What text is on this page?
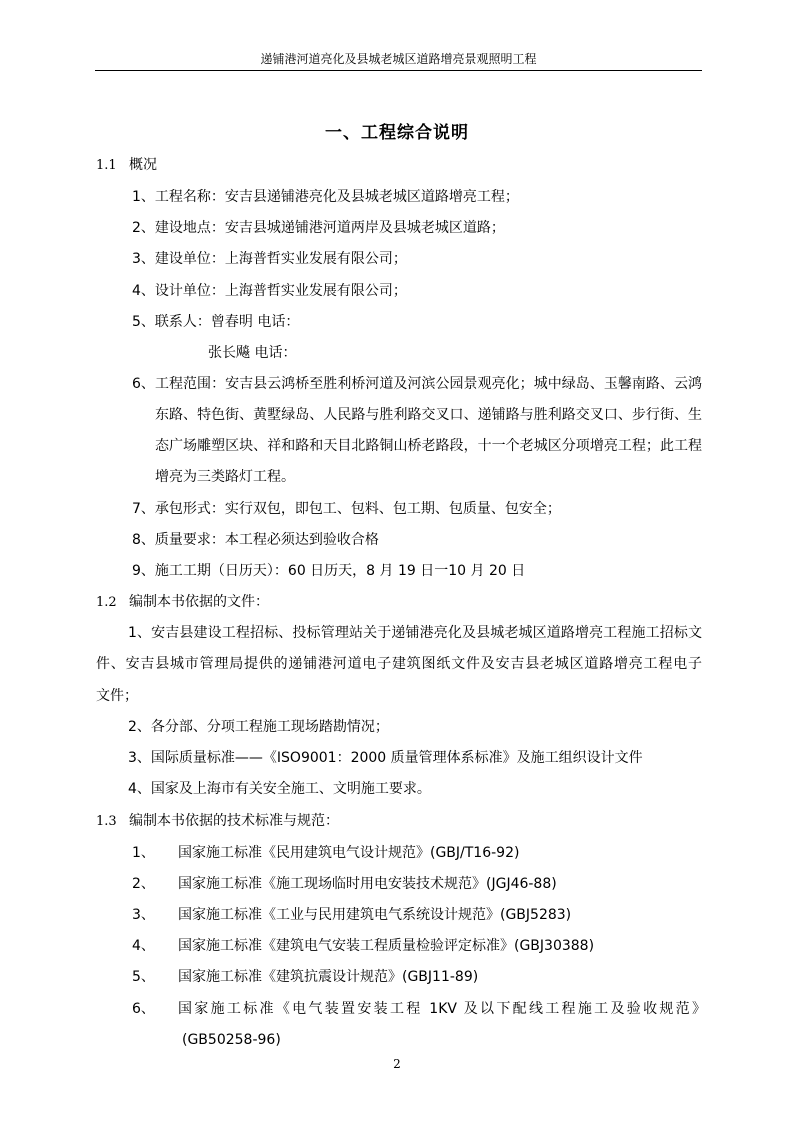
递铺港河道亮化及县城老城区道路增亮景观照明工程
一、工程综合说明
1.1 概况
1、工程名称：安吉县递铺港亮化及县城老城区道路增亮工程；
2、建设地点：安吉县城递铺港河道两岸及县城老城区道路；
3、建设单位：上海普哲实业发展有限公司；
4、设计单位：上海普哲实业发展有限公司；
5、联系人：曾春明 电话：
张长飚 电话：
6、工程范围：安吉县云鸿桥至胜利桥河道及河滨公园景观亮化；城中绿岛、玉馨南路、云鸿
东路、特色街、黄墅绿岛、人民路与胜利路交叉口、递铺路与胜利路交叉口、步行街、生
态广场雕塑区块、祥和路和天目北路铜山桥老路段，十一个老城区分项增亮工程；此工程
增亮为三类路灯工程。
7、承包形式：实行双包，即包工、包料、包工期、包质量、包安全；
8、质量要求：本工程必须达到验收合格
9、施工工期（日历天）：60 日历天，8 月 19 日一10 月 20 日
1.2 编制本书依据的文件：
1、安吉县建设工程招标、投标管理站关于递铺港亮化及县城老城区道路增亮工程施工招标文
件、安吉县城市管理局提供的递铺港河道电子建筑图纸文件及安吉县老城区道路增亮工程电子
文件；
2、各分部、分项工程施工现场踏勘情况；
3、国际质量标准——《ISO9001：2000 质量管理体系标准》及施工组织设计文件
4、国家及上海市有关安全施工、文明施工要求。
1.3 编制本书依据的技术标准与规范：
1、 国家施工标准《民用建筑电气设计规范》(GBJ/T16-92)
2、 国家施工标准《施工现场临时用电安装技术规范》(JGJ46-88)
3、 国家施工标准《工业与民用建筑电气系统设计规范》(GBJ5283)
4、 国家施工标准《建筑电气安装工程质量检验评定标准》(GBJ30388)
5、 国家施工标准《建筑抗震设计规范》(GBJ11-89)
6、 国家施工标准《电气装置安装工程 1KV 及以下配线工程施工及验收规范》
(GB50258-96)
2
